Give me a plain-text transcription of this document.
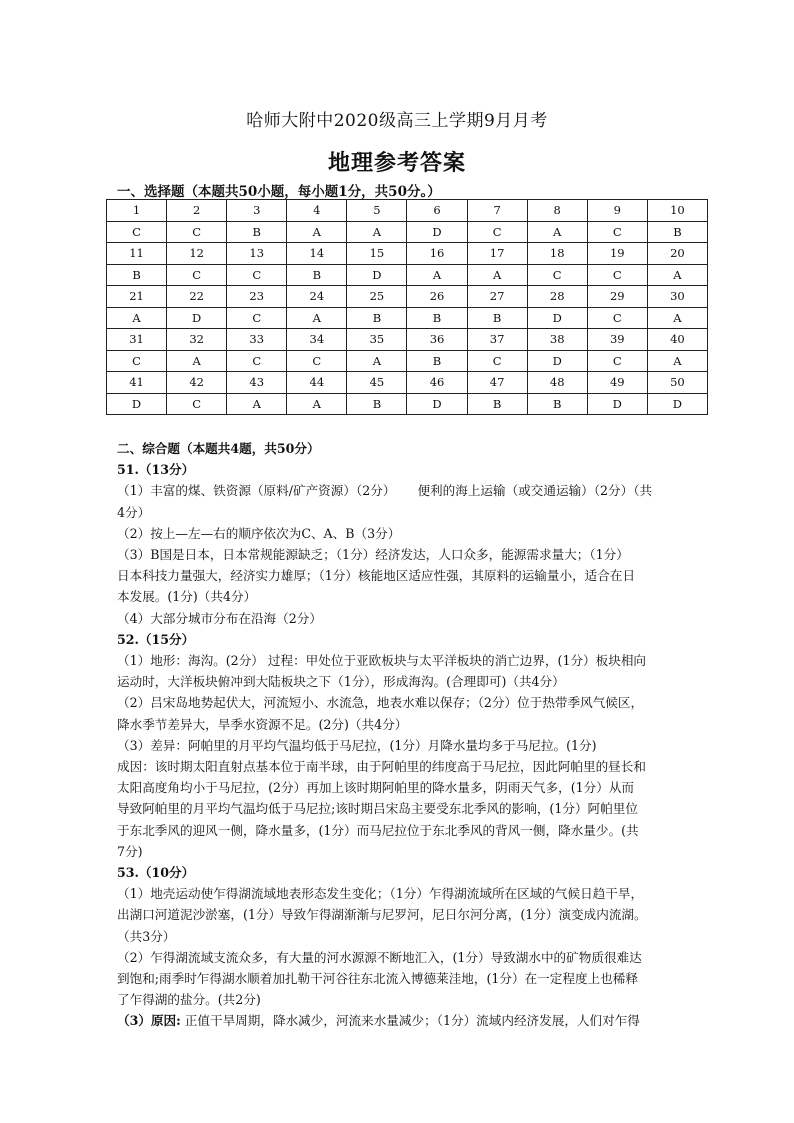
哈师大附中2020级高三上学期9月月考
地理参考答案
一、选择题（本题共50小题，每小题1分，共50分。）
1	2	3	4	5	6	7	8	9	10
C	C	B	A	A	D	C	A	C	B
11	12	13	14	15	16	17	18	19	20
B	C	C	B	D	A	A	C	C	A
21	22	23	24	25	26	27	28	29	30
A	D	C	A	B	B	B	D	C	A
31	32	33	34	35	36	37	38	39	40
C	A	C	C	A	B	C	D	C	A
41	42	43	44	45	46	47	48	49	50
D	C	A	A	B	D	B	B	D	D

二、综合题（本题共4题，共50分）

51.（13分）

（1）丰富的煤、铁资源（原料/矿产资源）（2分） 便利的海上运输（或交通运输）（2分）（共

4分）

（2）按上—左—右的顺序依次为C、A、B（3分）

（3）B国是日本，日本常规能源缺乏；（1分）经济发达，人口众多，能源需求量大；（1分）

日本科技力量强大，经济实力雄厚；（1分）核能地区适应性强，其原料的运输量小，适合在日

本发展。(1分)（共4分）

（4）大部分城市分布在沿海（2分）

52.（15分）

（1）地形：海沟。(2分） 过程：甲处位于亚欧板块与太平洋板块的消亡边界，(1分）板块相向

运动时，大洋板块俯冲到大陆板块之下（1分），形成海沟。(合理即可)（共4分）

（2）吕宋岛地势起伏大，河流短小、水流急，地表水难以保存；（2分）位于热带季风气候区，

降水季节差异大，旱季水资源不足。(2分)（共4分）

（3）差异：阿帕里的月平均气温均低于马尼拉，(1分）月降水量均多于马尼拉。(1分)

成因：该时期太阳直射点基本位于南半球，由于阿帕里的纬度高于马尼拉，因此阿帕里的昼长和

太阳高度角均小于马尼拉，(2分）再加上该时期阿帕里的降水量多，阴雨天气多，(1分）从而

导致阿帕里的月平均气温均低于马尼拉;该时期吕宋岛主要受东北季风的影响，(1分）阿帕里位

于东北季风的迎风一侧，降水量多，(1分）而马尼拉位于东北季风的背风一侧，降水量少。(共

7分)

53.（10分）

（1）地壳运动使乍得湖流域地表形态发生变化；（1分）乍得湖流域所在区域的气候日趋干旱，

出湖口河道泥沙淤塞，(1分）导致乍得湖渐渐与尼罗河，尼日尔河分离，(1分）演变成内流湖。

（共3分）

（2）乍得湖流域支流众多，有大量的河水源源不断地汇入，(1分）导致湖水中的矿物质很难达

到饱和;雨季时乍得湖水顺着加扎勒干河谷往东北流入博德莱洼地，(1分）在一定程度上也稀释

了乍得湖的盐分。(共2分)

（3）原因: 正值干旱周期，降水减少，河流来水量减少；（1分）流域内经济发展，人们对乍得
